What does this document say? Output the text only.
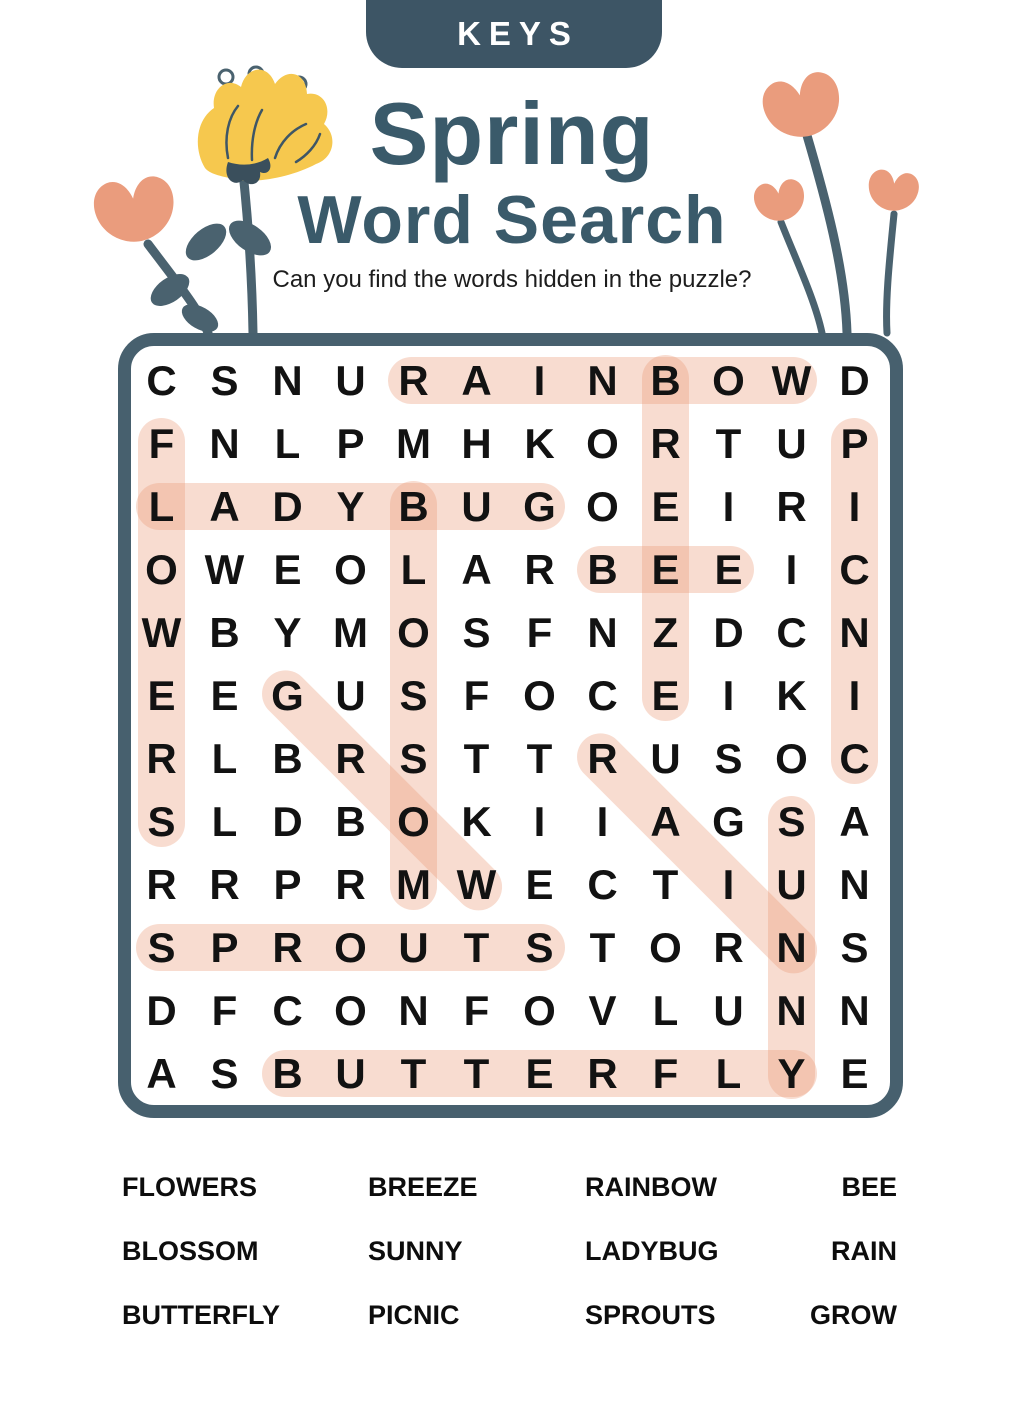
KEYS
Spring
Word Search

Can you find the words hidden in the puzzle?

C S N U R A I	N B O W D
F N L P M H K O R T U P
L A D Y B U G O E	I	R I
O W E O L A R B E E	I	C
W B Y M O S F N Z D C N
E E G U S F O C E	I	K I
R L B R S T T R U S O C
S L D B O K I	I	A G S A
R R P R M W E C T	I	U N
S P R O U T S T O R N S
D F C O N F O V L U N N
A S B U T T E R F L Y E
FLOWERS	BREEZE	RAINBOW	BEE
BLOSSOM	SUNNY	LADYBUG	RAIN
BUTTERFLY	PICNIC	SPROUTS	GROW
